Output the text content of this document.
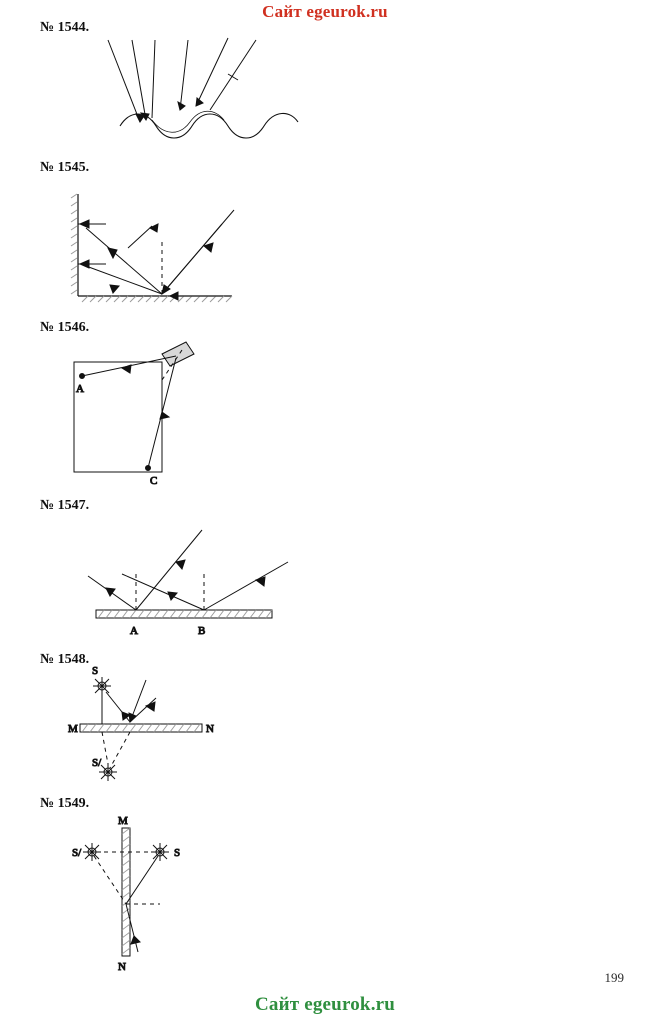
Сайт egeurok.ru
№ 1544.
№ 1545.
№ 1546.
A
C
№ 1547.
A	B
№ 1548.
S
S/
M	N
№ 1549.
M
N
S/	S
199
Сайт egeurok.ru
